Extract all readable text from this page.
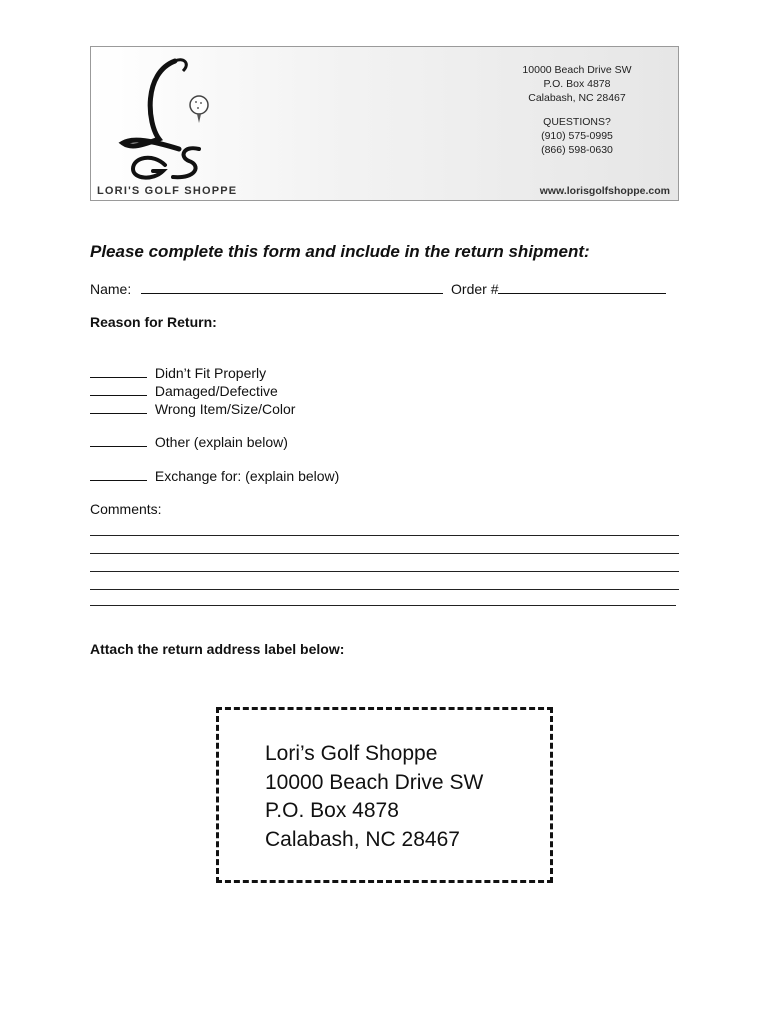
LORI'S GOLF SHOPPE
10000 Beach Drive SW
P.O. Box 4878
Calabash, NC 28467
QUESTIONS?
(910) 575-0995
(866) 598-0630
www.lorisgolfshoppe.com
Please complete this form and include in the return shipment:
Name:	Order #
Reason for Return:
Didn’t Fit Properly
Damaged/Defective
Wrong Item/Size/Color
Other (explain below)
Exchange for: (explain below)
Comments:
Attach the return address label below:
Lori’s Golf Shoppe
10000 Beach Drive SW
P.O. Box 4878
Calabash, NC 28467
